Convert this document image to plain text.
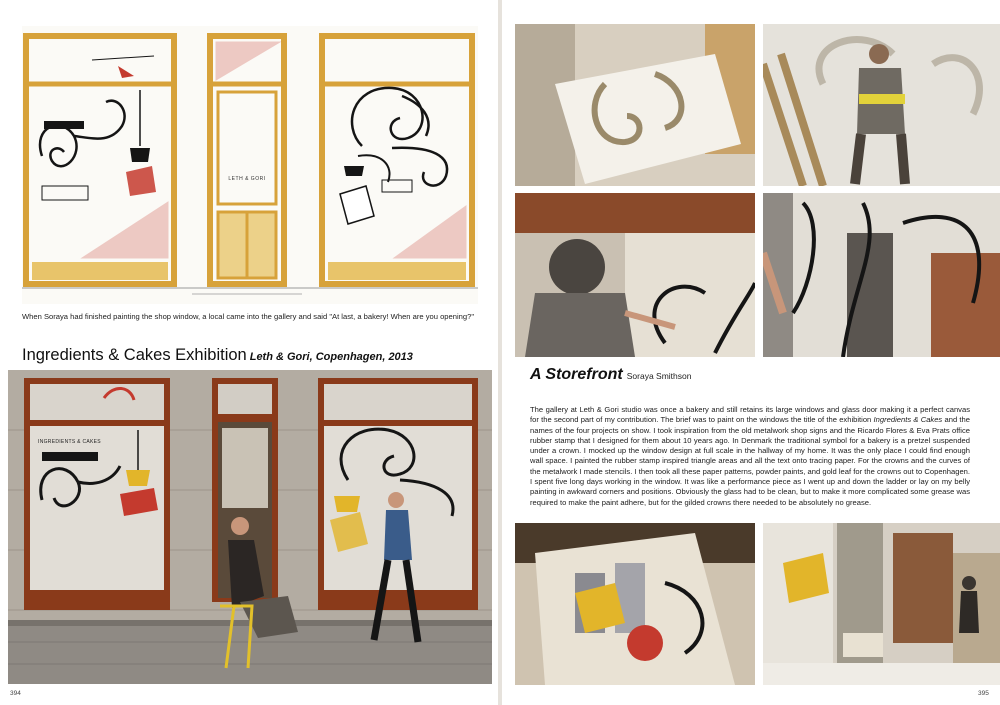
LETH & GORI
When Soraya had finished painting the shop window, a local came into the gallery and said "At last, a bakery! When are you opening?"
Ingredients & Cakes Exhibition Leth & Gori, Copenhagen, 2013
INGREDIENTS & CAKES
394
A Storefront Soraya Smithson
The gallery at Leth & Gori studio was once a bakery and still retains its large windows and glass door making it a perfect canvas for the second part of my contribution. The brief was to paint on the windows the title of the exhibition Ingredients & Cakes and the names of the four projects on show. I took inspiration from the old metalwork shop signs and the Ricardo Flores & Eva Prats office rubber stamp that I designed for them about 10 years ago. In Denmark the traditional symbol for a bakery is a pretzel suspended under a crown. I mocked up the window design at full scale in the hallway of my home. It was the only place I could find enough wall space. I painted the rubber stamp inspired triangle areas and all the text onto tracing paper. For the crowns and the curves of the metalwork I made stencils. I then took all these paper patterns, powder paints, and gold leaf for the crowns out to Copenhagen. I spent five long days working in the window. It was like a performance piece as I went up and down the ladder or lay on my belly painting in awkward corners and positions. Obviously the glass had to be clean, but to make it more complicated some grease was required to make the paint adhere, but for the gilded crowns there needed to be absolutely no grease.
395
